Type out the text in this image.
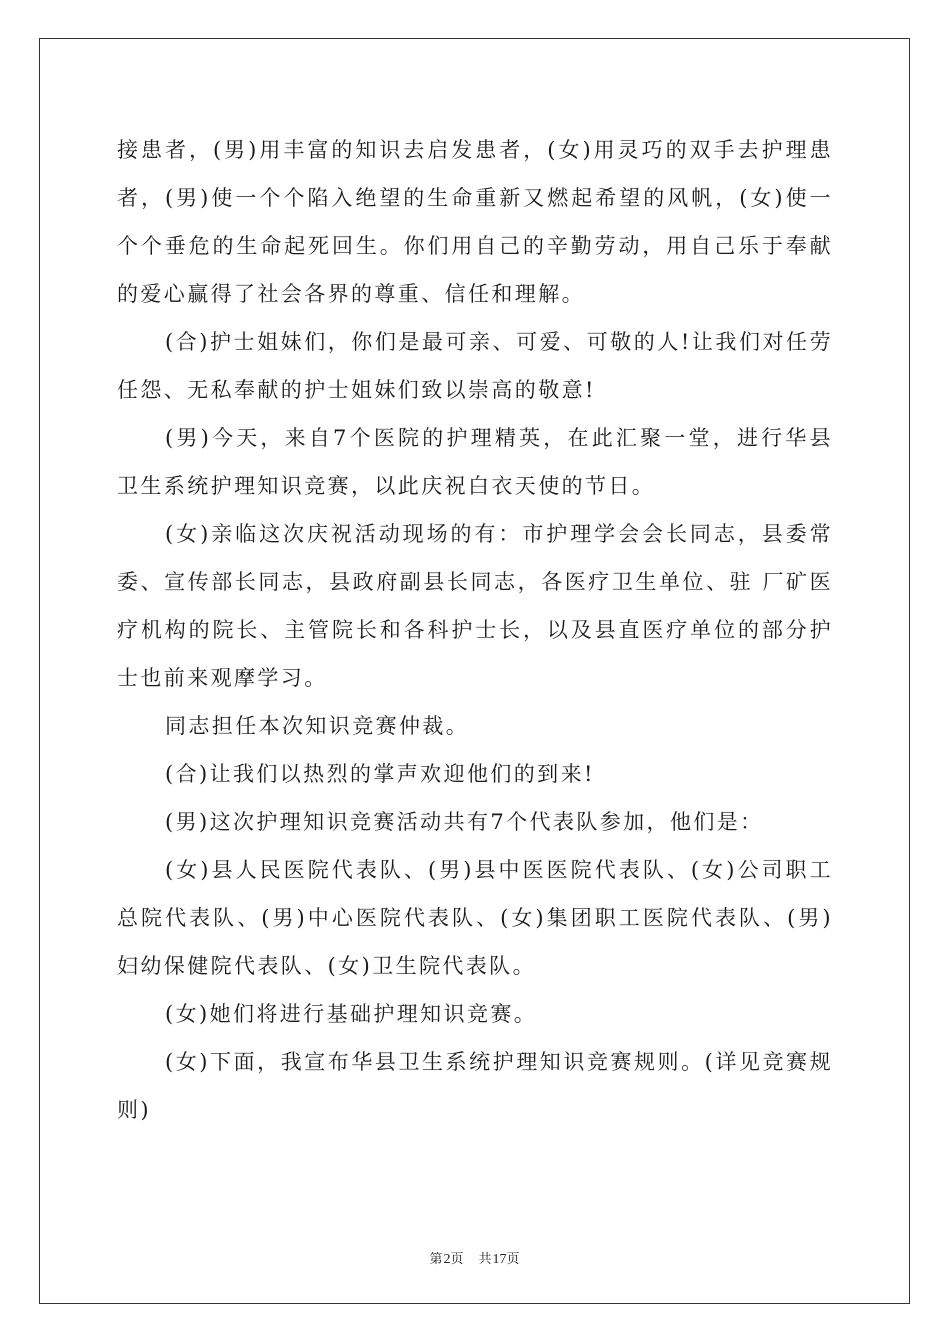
接患者，(男)用丰富的知识去启发患者，(女)用灵巧的双手去护理患者，(男)使一个个陷入绝望的生命重新又燃起希望的风帆，(女)使一个个垂危的生命起死回生。你们用自己的辛勤劳动，用自己乐于奉献的爱心赢得了社会各界的尊重、信任和理解。

(合)护士姐妹们，你们是最可亲、可爱、可敬的人!让我们对任劳任怨、无私奉献的护士姐妹们致以崇高的敬意!

(男)今天，来自7个医院的护理精英，在此汇聚一堂，进行华县卫生系统护理知识竞赛，以此庆祝白衣天使的节日。

(女)亲临这次庆祝活动现场的有：市护理学会会长同志，县委常委、宣传部长同志，县政府副县长同志，各医疗卫生单位、驻 厂矿医疗机构的院长、主管院长和各科护士长，以及县直医疗单位的部分护士也前来观摩学习。

同志担任本次知识竞赛仲裁。

(合)让我们以热烈的掌声欢迎他们的到来!

(男)这次护理知识竞赛活动共有7个代表队参加，他们是：

(女)县人民医院代表队、(男)县中医医院代表队、(女)公司职工总院代表队、(男)中心医院代表队、(女)集团职工医院代表队、(男)妇幼保健院代表队、(女)卫生院代表队。

(女)她们将进行基础护理知识竞赛。

(女)下面，我宣布华县卫生系统护理知识竞赛规则。(详见竞赛规则)

第2页 共17页
